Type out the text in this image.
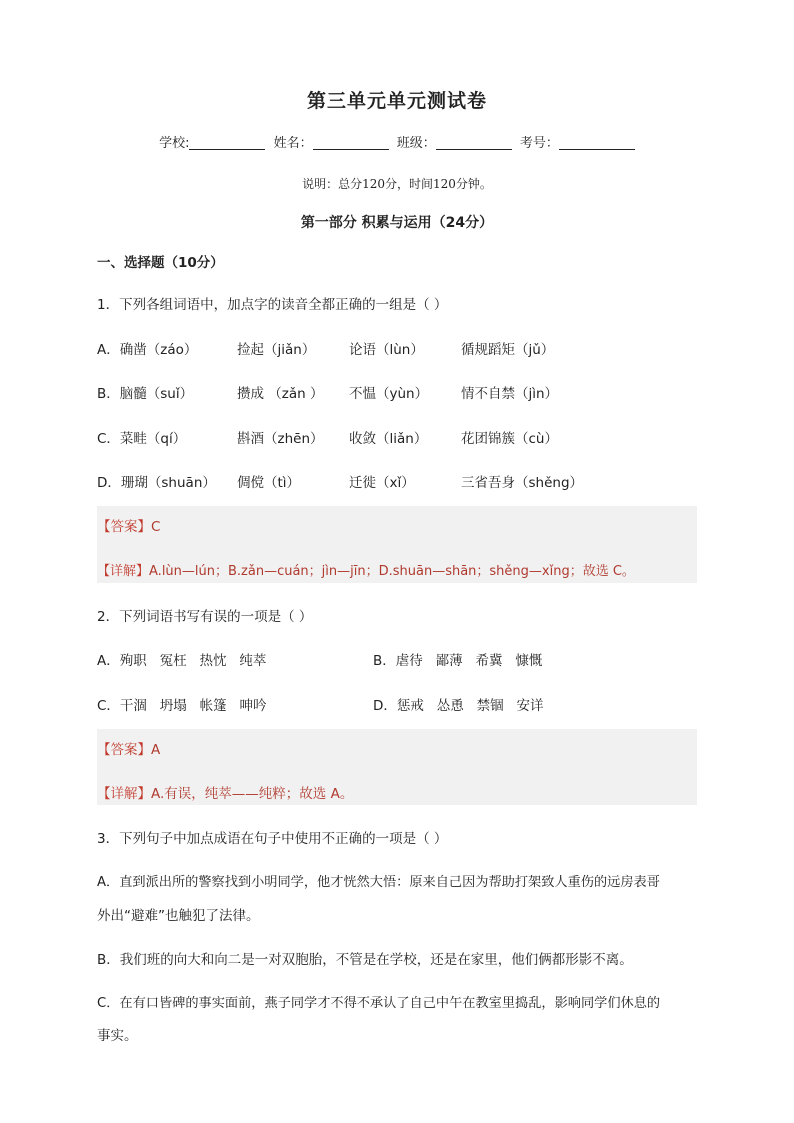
第三单元单元测试卷
学校:	姓名：	班级：	考号：
说明：总分120分，时间120分钟。
第一部分 积累与运用（24分）
一、选择题（10分）
1．下列各组词语中，加点字的读音全都正确的一组是（ ）
A．确凿（záo）	捡起（jiǎn） 论语（lùn）	循规蹈矩（jǔ）
B．脑髓（suǐ）	攒成 （zǎn ） 不愠（yùn） 情不自禁（jìn）
C．菜畦（qí）	斟酒（zhēn） 收敛（liǎn） 花团锦簇（cù）
D．珊瑚（shuān） 倜傥（tì）	迁徙（xǐ）	三省吾身（shěng）
【答案】C
【详解】A.lùn—lún；B.zǎn—cuán；jìn—jīn；D.shuān—shān；shěng—xǐng；故选 C。
2．下列词语书写有误的一项是（ ）
A．殉职   冤枉   热忱   纯萃	B．虐待   鄙薄   希冀   慷慨
C．干涸   坍塌   帐篷   呻吟	D．惩戒   怂恿   禁锢   安详
【答案】A
【详解】A.有误，纯萃——纯粹；故选 A。
3．下列句子中加点成语在句子中使用不正确的一项是（ ）
A．直到派出所的警察找到小明同学，他才恍然大悟：原来自己因为帮助打架致人重伤的远房表哥
外出“避难”也触犯了法律。
B．我们班的向大和向二是一对双胞胎，不管是在学校，还是在家里，他们俩都形影不离。
C．在有口皆碑的事实面前，燕子同学才不得不承认了自己中午在教室里捣乱，影响同学们休息的
事实。
